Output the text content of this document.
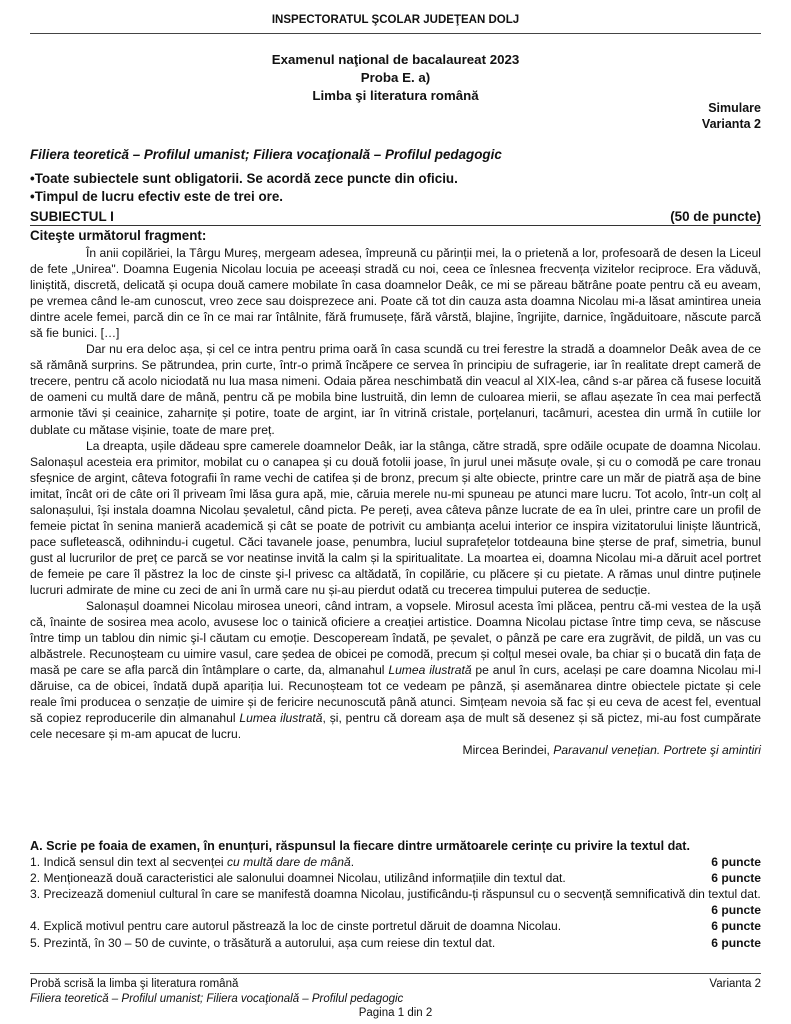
INSPECTORATUL ŞCOLAR JUDEŢEAN DOLJ
Examenul naţional de bacalaureat 2023
Proba E. a)
Limba şi literatura română
Simulare
Varianta 2
Filiera teoretică – Profilul umanist; Filiera vocaţională – Profilul pedagogic
• Toate subiectele sunt obligatorii. Se acordă zece puncte din oficiu.
• Timpul de lucru efectiv este de trei ore.
SUBIECTUL I	(50 de puncte)
Citeşte următorul fragment:

În anii copilăriei, la Târgu Mureș, mergeam adesea, împreună cu părinții mei, la o prietenă a lor, profesoară de desen la Liceul de fete „Unirea". Doamna Eugenia Nicolau locuia pe aceeași stradă cu noi, ceea ce înlesnea frecvența vizitelor reciproce. Era văduvă, liniștită, discretă, delicată și ocupa două camere mobilate în casa doamnelor Deâk, ce mi se păreau bătrâne poate pentru că eu aveam, pe vremea când le-am cunoscut, vreo zece sau doisprezece ani. Poate că tot din cauza asta doamna Nicolau mi-a lăsat amintirea uneia dintre acele femei, parcă din ce în ce mai rar întâlnite, fără frumusețe, fără vârstă, blajine, îngrijite, darnice, îngăduitoare, născute parcă să fie bunici. […]

Dar nu era deloc așa, și cel ce intra pentru prima oară în casa scundă cu trei ferestre la stradă a doamnelor Deâk avea de ce să rămână surprins. Se pătrundea, prin curte, într-o primă încăpere ce servea în principiu de sufragerie, iar în realitate drept cameră de trecere, pentru că acolo niciodată nu lua masa nimeni. Odaia părea neschimbată din veacul al XIX-lea, când s-ar părea că fusese locuită de oameni cu multă dare de mână, pentru că pe mobila bine lustruită, din lemn de culoarea mierii, se aflau așezate în cea mai perfectă armonie tăvi și ceainice, zaharnițe și potire, toate de argint, iar în vitrină cristale, porțelanuri, tacâmuri, acestea din urmă în cutiile lor dublate cu mătase vișinie, toate de mare preț.

La dreapta, ușile dădeau spre camerele doamnelor Deâk, iar la stânga, către stradă, spre odăile ocupate de doamna Nicolau. Salonașul acesteia era primitor, mobilat cu o canapea și cu două fotolii joase, în jurul unei măsuțe ovale, și cu o comodă pe care tronau sfeșnice de argint, câteva fotografii în rame vechi de catifea și de bronz, precum și alte obiecte, printre care un măr de piatră așa de bine imitat, încât ori de câte ori îl priveam îmi lăsa gura apă, mie, căruia merele nu-mi spuneau pe atunci mare lucru. Tot acolo, într-un colț al salonașului, își instala doamna Nicolau șevaletul, când picta. Pe pereți, avea câteva pânze lucrate de ea în ulei, printre care un profil de femeie pictat în senina manieră academică și cât se poate de potrivit cu ambianța acelui interior ce inspira vizitatorului liniște lăuntrică, pace sufletească, odihnindu-i cugetul. Căci tavanele joase, penumbra, luciul suprafețelor totdeauna bine șterse de praf, simetria, bunul gust al lucrurilor de preț ce parcă se vor neatinse invită la calm și la spiritualitate. La moartea ei, doamna Nicolau mi-a dăruit acel portret de femeie pe care îl păstrez la loc de cinste şi-l privesc ca altădată, în copilărie, cu plăcere și cu pietate. A rămas unul dintre puținele lucruri admirate de mine cu zeci de ani în urmă care nu și-au pierdut odată cu trecerea timpului puterea de seducție.

Salonașul doamnei Nicolau mirosea uneori, când intram, a vopsele. Mirosul acesta îmi plăcea, pentru că-mi vestea de la ușă că, înainte de sosirea mea acolo, avusese loc o tainică oficiere a creației artistice. Doamna Nicolau pictase între timp ceva, se născuse între timp un tablou din nimic şi-l căutam cu emoție. Descopeream îndată, pe șevalet, o pânză pe care era zugrăvit, de pildă, un vas cu albăstrele. Recunoșteam cu uimire vasul, care ședea de obicei pe comodă, precum și colțul mesei ovale, ba chiar și o bucată din fața de masă pe care se afla parcă din întâmplare o carte, da, almanahul Lumea ilustrată pe anul în curs, același pe care doamna Nicolau mi-l dăruise, ca de obicei, îndată după apariția lui. Recunoșteam tot ce vedeam pe pânză, și asemănarea dintre obiectele pictate și cele reale îmi producea o senzație de uimire și de fericire necunoscută până atunci. Simțeam nevoia să fac și eu ceva de acest fel, eventual să copiez reproducerile din almanahul Lumea ilustrată, și, pentru că doream așa de mult să desenez și să pictez, mi-au fost cumpărate cele necesare și m-am apucat de lucru.

Mircea Berindei, Paravanul venețian. Portrete şi amintiri
A. Scrie pe foaia de examen, în enunțuri, răspunsul la fiecare dintre următoarele cerințe cu privire la textul dat.
1. Indică sensul din text al secvenței cu multă dare de mână.	6 puncte
2. Menționează două caracteristici ale salonului doamnei Nicolau, utilizând informațiile din textul dat.	6 puncte
3. Precizează domeniul cultural în care se manifestă doamna Nicolau, justificându-ți răspunsul cu o secvență semnificativă din textul dat.
6 puncte
4. Explică motivul pentru care autorul păstrează la loc de cinste portretul dăruit de doamna Nicolau.	6 puncte
5. Prezintă, în 30 – 50 de cuvinte, o trăsătură a autorului, așa cum reiese din textul dat.	6 puncte
Probă scrisă la limba şi literatura română	Varianta 2
Filiera teoretică – Profilul umanist; Filiera vocaţională – Profilul pedagogic
Pagina 1 din 2
